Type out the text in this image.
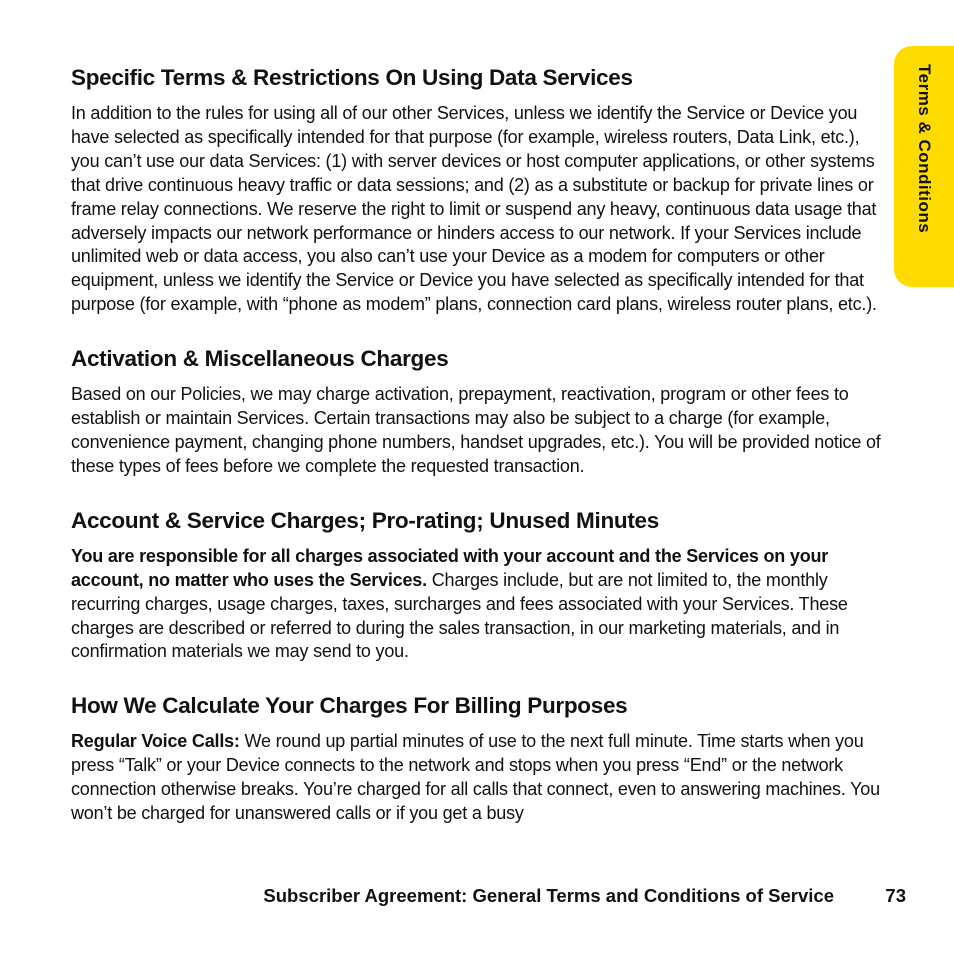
Terms & Conditions
Specific Terms & Restrictions On Using Data Services

In addition to the rules for using all of our other Services, unless we identify the Service or Device you have selected as specifically intended for that purpose (for example, wireless routers, Data Link, etc.), you can’t use our data Services: (1) with server devices or host computer applications, or other systems that drive continuous heavy traffic or data sessions; and (2) as a substitute or backup for private lines or frame relay connections. We reserve the right to limit or suspend any heavy, continuous data usage that adversely impacts our network performance or hinders access to our network. If your Services include unlimited web or data access, you also can’t use your Device as a modem for computers or other equipment, unless we identify the Service or Device you have selected as specifically intended for that purpose (for example, with “phone as modem” plans, connection card plans, wireless router plans, etc.).

Activation & Miscellaneous Charges

Based on our Policies, we may charge activation, prepayment, reactivation, program or other fees to establish or maintain Services. Certain transactions may also be subject to a charge (for example, convenience payment, changing phone numbers, handset upgrades, etc.). You will be provided notice of these types of fees before we complete the requested transaction.

Account & Service Charges; Pro-rating; Unused Minutes

You are responsible for all charges associated with your account and the Services on your account, no matter who uses the Services. Charges include, but are not limited to, the monthly recurring charges, usage charges, taxes, surcharges and fees associated with your Services. These charges are described or referred to during the sales transaction, in our marketing materials, and in confirmation materials we may send to you.

How We Calculate Your Charges For Billing Purposes

Regular Voice Calls: We round up partial minutes of use to the next full minute. Time starts when you press “Talk” or your Device connects to the network and stops when you press “End” or the network connection otherwise breaks. You’re charged for all calls that connect, even to answering machines. You won’t be charged for unanswered calls or if you get a busy

Subscriber Agreement: General Terms and Conditions of Service	73
